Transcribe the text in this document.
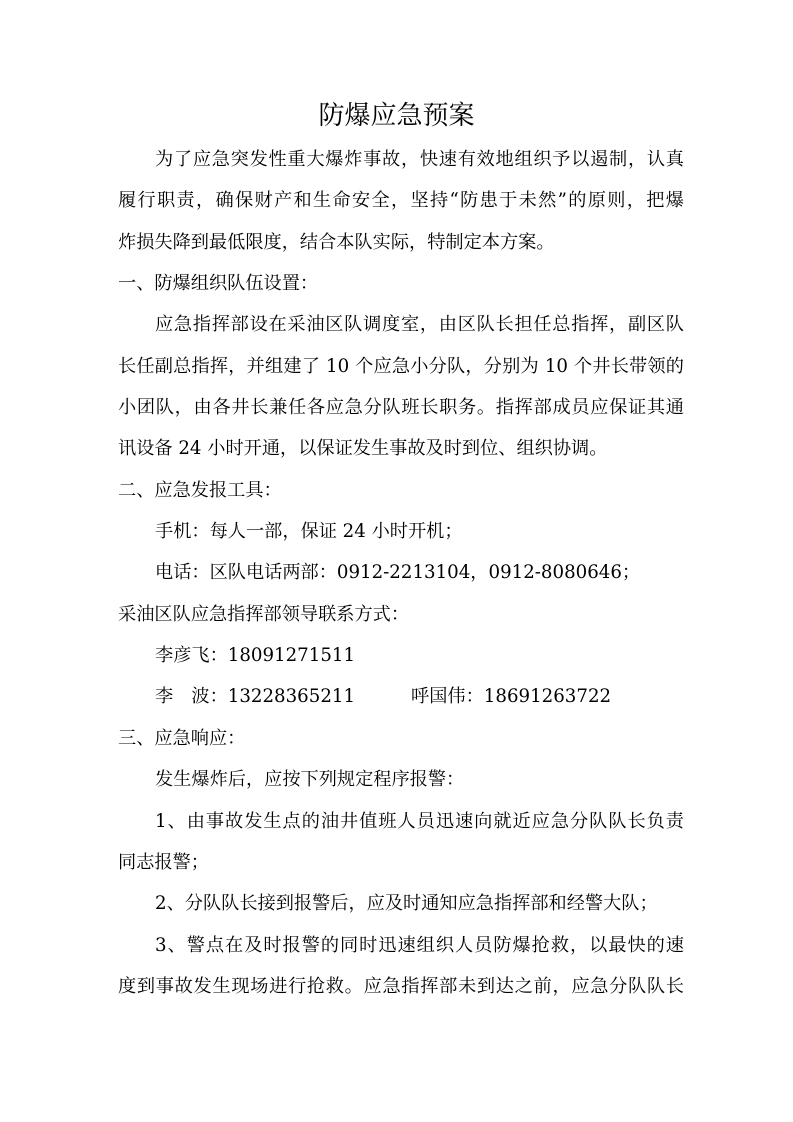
防爆应急预案
为了应急突发性重大爆炸事故，快速有效地组织予以遏制，认真
履行职责，确保财产和生命安全，坚持“防患于未然”的原则，把爆
炸损失降到最低限度，结合本队实际，特制定本方案。
一、防爆组织队伍设置：
应急指挥部设在采油区队调度室，由区队长担任总指挥，副区队
长任副总指挥，并组建了 10 个应急小分队，分别为 10 个井长带领的
小团队，由各井长兼任各应急分队班长职务。指挥部成员应保证其通
讯设备 24 小时开通，以保证发生事故及时到位、组织协调。
二、应急发报工具：
手机：每人一部，保证 24 小时开机；
电话：区队电话两部：0912-2213104，0912-8080646；
采油区队应急指挥部领导联系方式：
李彦飞：18091271511
李　波：13228365211	呼国伟：18691263722
三、应急响应：
发生爆炸后，应按下列规定程序报警：
1、由事故发生点的油井值班人员迅速向就近应急分队队长负责
同志报警；
2、分队队长接到报警后，应及时通知应急指挥部和经警大队；
3、警点在及时报警的同时迅速组织人员防爆抢救，以最快的速
度到事故发生现场进行抢救。应急指挥部未到达之前，应急分队队长
